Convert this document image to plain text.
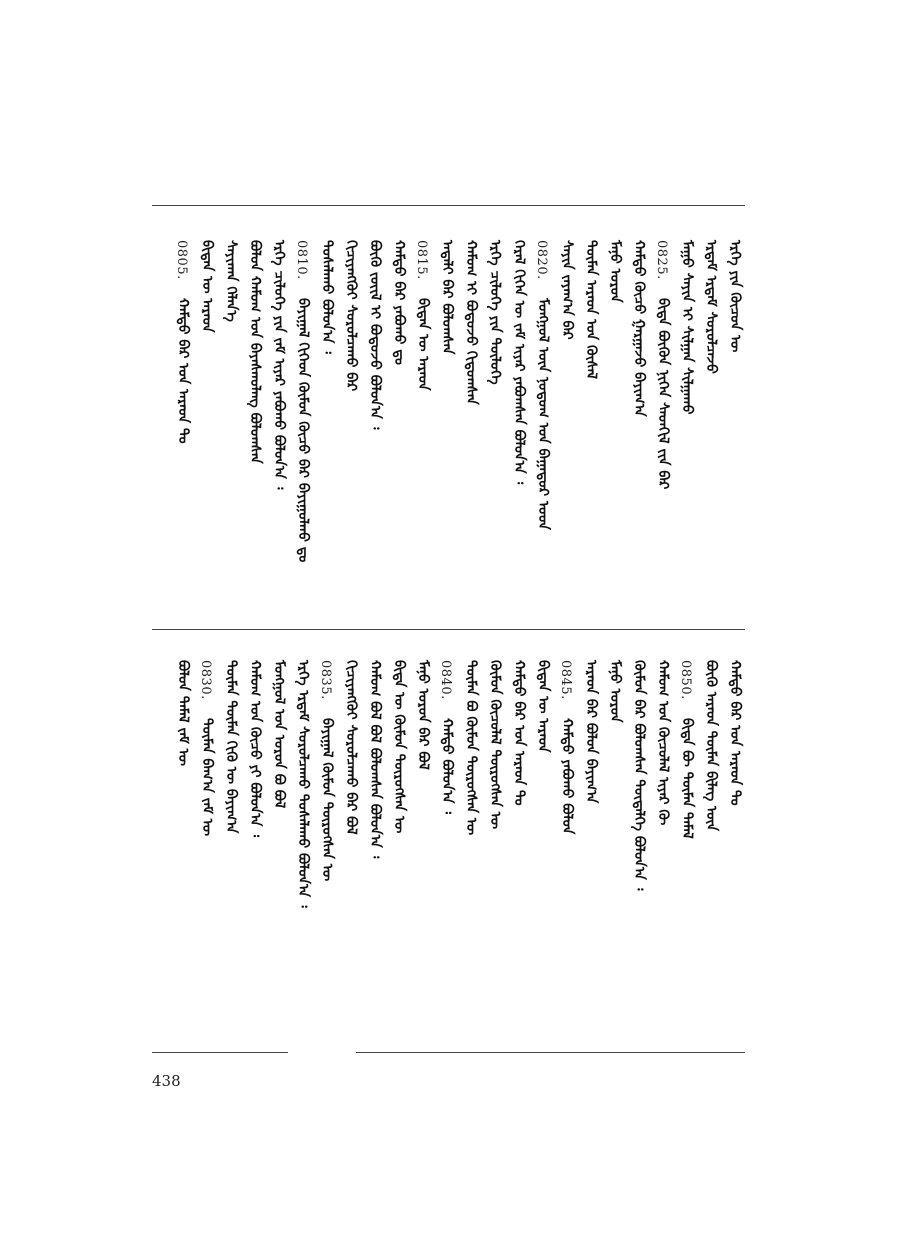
ᠡᠷᠬᠡ ᠶᠢᠨ ᠬᠦᠴᠦᠨ ᠦ
ᠡᠷᠳᠡᠮ ᠡᠷᠳᠡᠮ ᠰᠤᠷᠤᠯᠴᠠᠵᠤ
ᠮᠠᠭᠤ ᠰᠠᠶᠢᠨ ᠢ ᠰᠢᠯᠭᠠᠨ ᠰᠢᠯᠭᠠᠬᠤ
0825.
ᠪᠢᠳᠡ ᠪᠦᠬᠦᠨ ᠨᠢᠭᠡᠨ ᠰᠡᠳᠬᠢᠯ ᠵᠢᠨ ᠪᠠᠷ
ᠬᠠᠮᠳᠤ ᠬᠦᠴᠦ ᠭᠠᠷᠭᠠᠵᠤ ᠪᠠᠶᠢᠭ᠎ᠠ
ᠮᠠᠨᠤ ᠣᠷᠣᠨ
ᠲᠦᠮᠡᠨ ᠠᠷᠠᠳ ᠤᠨ ᠬᠦᠰᠡᠯ
ᠰᠠᠶᠢᠨ ᠵᠠᠶᠠᠭ᠎ᠠ ᠪᠠᠷ
0820.
ᠮᠣᠩᠭᠣᠯ ᠦᠨ ᠨᠤᠲᠤᠭ ᠤᠨ ᠪᠠᠭᠠᠲᠤᠷ ᠤᠳ
ᠭᠡᠷᠡᠯ ᠭᠢᠭᠡᠨ ᠦ ᠵᠠᠮ ᠢᠶᠠᠷ ᠶᠠᠪᠤᠭᠰᠠᠨ ᠪᠣᠯᠤᠨ᠎ᠠ ᠄
ᠡᠷᠬᠡ ᠴᠢᠯᠦᠭᠡ ᠶᠢᠨ ᠲᠥᠯᠥᠭᠡ
ᠬᠠᠮᠤᠭ ᠢ ᠪᠣᠳᠣᠵᠤ ᠬᠢᠳᠤᠭᠰᠠᠨ
ᠠᠳᠠᠯᠢ ᠪᠠᠷ ᠪᠣᠯᠤᠭᠰᠠᠨ
0815.
ᠪᠢᠳᠡᠨ ᠦ ᠠᠷᠠᠳ
ᠬᠠᠮᠲᠤ ᠪᠠᠷ ᠶᠠᠪᠤᠬᠤ ᠳᠤ
ᠪᠦᠬᠦ ᠵᠦᠢᠯ ᠢ ᠪᠣᠳᠣᠵᠤ ᠪᠣᠯᠤᠨ᠎ᠠ ᠄
ᠬᠢᠴᠢᠶᠡᠩᠭᠦᠢ ᠰᠤᠷᠤᠯᠴᠠᠬᠤ ᠪᠠᠷ
ᠲᠤᠰᠠᠯᠠᠬᠤ ᠪᠣᠯᠤᠨ᠎ᠠ ᠄
0810.
ᠪᠠᠶᠢᠭᠠᠯ ᠬᠢᠭᠡᠳ ᠬᠦᠮᠦᠨ ᠬᠦᠴᠦ ᠪᠡᠷ ᠪᠠᠶᠢᠭᠤᠯᠬᠤ ᠳᠤ
ᠡᠷᠬᠡ ᠴᠢᠯᠦᠭᠡ ᠶᠢᠨ ᠵᠠᠮ ᠢᠶᠠᠷ ᠶᠠᠪᠤᠬᠤ ᠪᠣᠯᠤᠨ᠎ᠠ ᠄
ᠪᠣᠯᠤᠨ ᠬᠠᠮᠤᠭ ᠤᠨ ᠪᠠᠶᠠᠰᠬᠤᠯᠠᠩ ᠪᠣᠯᠤᠭᠰᠠᠨ
ᠰᠠᠶᠢᠬᠠᠨ ᠬᠡᠯᠡᠨ᠎ᠡ
ᠪᠢᠳᠡᠨ ᠦ ᠠᠷᠠᠳ
0805.
ᠬᠠᠮᠲᠤ ᠪᠠᠷ ᠤᠨ ᠠᠷᠠᠳ ᠲᠤ
ᠬᠠᠮᠲᠤ ᠪᠠᠷ ᠤᠨ ᠠᠷᠠᠳ ᠲᠤ
ᠪᠦᠬᠦ ᠠᠷᠠᠳ ᠲᠦᠮᠡᠨ ᠪᠢᠯᠡᠭ ᠦᠨ
0850.
ᠪᠢᠳᠡ ᠪᠦ ᠲᠦᠮᠡᠨ ᠲᠡᠮᠡᠯ
ᠬᠠᠮᠤᠭ ᠤᠨ ᠬᠦᠴᠦᠯᠡᠯ ᠢᠶᠡᠷ ᠬᠦ
ᠬᠦᠮᠦᠨ ᠪᠡᠷ ᠪᠣᠯᠤᠭᠰᠠᠨ ᠲᠦᠳᠡᠯᠭᠡ ᠪᠣᠯᠤᠨ᠎ᠠ ᠄
ᠮᠠᠨᠤ ᠣᠷᠣᠨ
ᠠᠷᠠᠳ ᠪᠠᠷ ᠪᠣᠯᠤᠨ ᠪᠠᠶᠢᠭ᠎ᠠ
0845.
ᠬᠠᠮᠲᠤ ᠶᠠᠪᠤᠬᠤ ᠪᠣᠯᠤᠨ
ᠪᠢᠳᠡᠨ ᠦ ᠠᠷᠠᠳ
ᠬᠠᠮᠲᠤ ᠪᠠᠷ ᠤᠨ ᠠᠷᠠᠳ ᠲᠤ
ᠬᠦᠮᠦᠨ ᠬᠦᠴᠦᠯᠡᠯ ᠲᠦᠷᠦᠭᠰᠡᠨ ᠦ
ᠲᠦᠮᠡᠨ ᠪᠣ ᠬᠦᠮᠦᠨ ᠲᠦᠷᠦᠭᠰᠡᠨ ᠦ
0840.
ᠬᠠᠮᠲᠤ ᠪᠣᠯᠤᠨ᠎ᠠ ᠄
ᠮᠠᠨᠤ ᠣᠷᠣᠨ ᠪᠠᠷ ᠪᠣᠯ
ᠪᠢᠳᠡ ᠦ ᠬᠦᠮᠦᠨ ᠲᠦᠷᠦᠭᠰᠡᠨ ᠦ
ᠬᠠᠮᠤᠭ ᠪᠣᠯ ᠪᠣᠯ ᠪᠣᠯᠤᠭᠰᠠᠨ ᠪᠣᠯᠤᠨ᠎ᠠ ᠄
ᠬᠢᠴᠢᠶᠡᠩᠭᠦᠢ ᠰᠤᠷᠤᠯᠴᠠᠬᠤ ᠪᠠᠷ ᠪᠣᠯ
0835.
ᠪᠠᠶᠢᠭᠠᠯ ᠬᠦᠮᠦᠨ ᠲᠦᠷᠦᠭᠰᠡᠨ ᠦ
ᠡᠷᠬᠡ ᠡᠷᠳᠡᠮ ᠰᠤᠷᠤᠯᠴᠠᠬᠤ ᠲᠤᠰᠠᠯᠠᠬᠤ ᠪᠣᠯᠤᠨ᠎ᠠ ᠄
ᠮᠣᠩᠭᠣᠯ ᠤᠨ ᠣᠷᠣᠨ ᠪᠣ ᠪᠣᠯ
ᠬᠠᠮᠤᠭ ᠤᠨ ᠬᠦᠴᠦ ᠶᠢ ᠪᠣᠯᠤᠨ᠎ᠠ ᠄
ᠲᠦᠮᠡᠨ ᠲᠦᠮᠡᠨ ᠬᠢᠬᠦ ᠦ ᠪᠠᠶᠢᠭ᠎ᠠ
0830.
ᠲᠦᠮᠡᠨ ᠪᠠᠭ᠎ᠠ ᠵᠠᠮ ᠦ
ᠪᠣᠯᠤᠨ ᠲᠡᠮᠡᠯ ᠵᠠᠮ ᠦ
438
